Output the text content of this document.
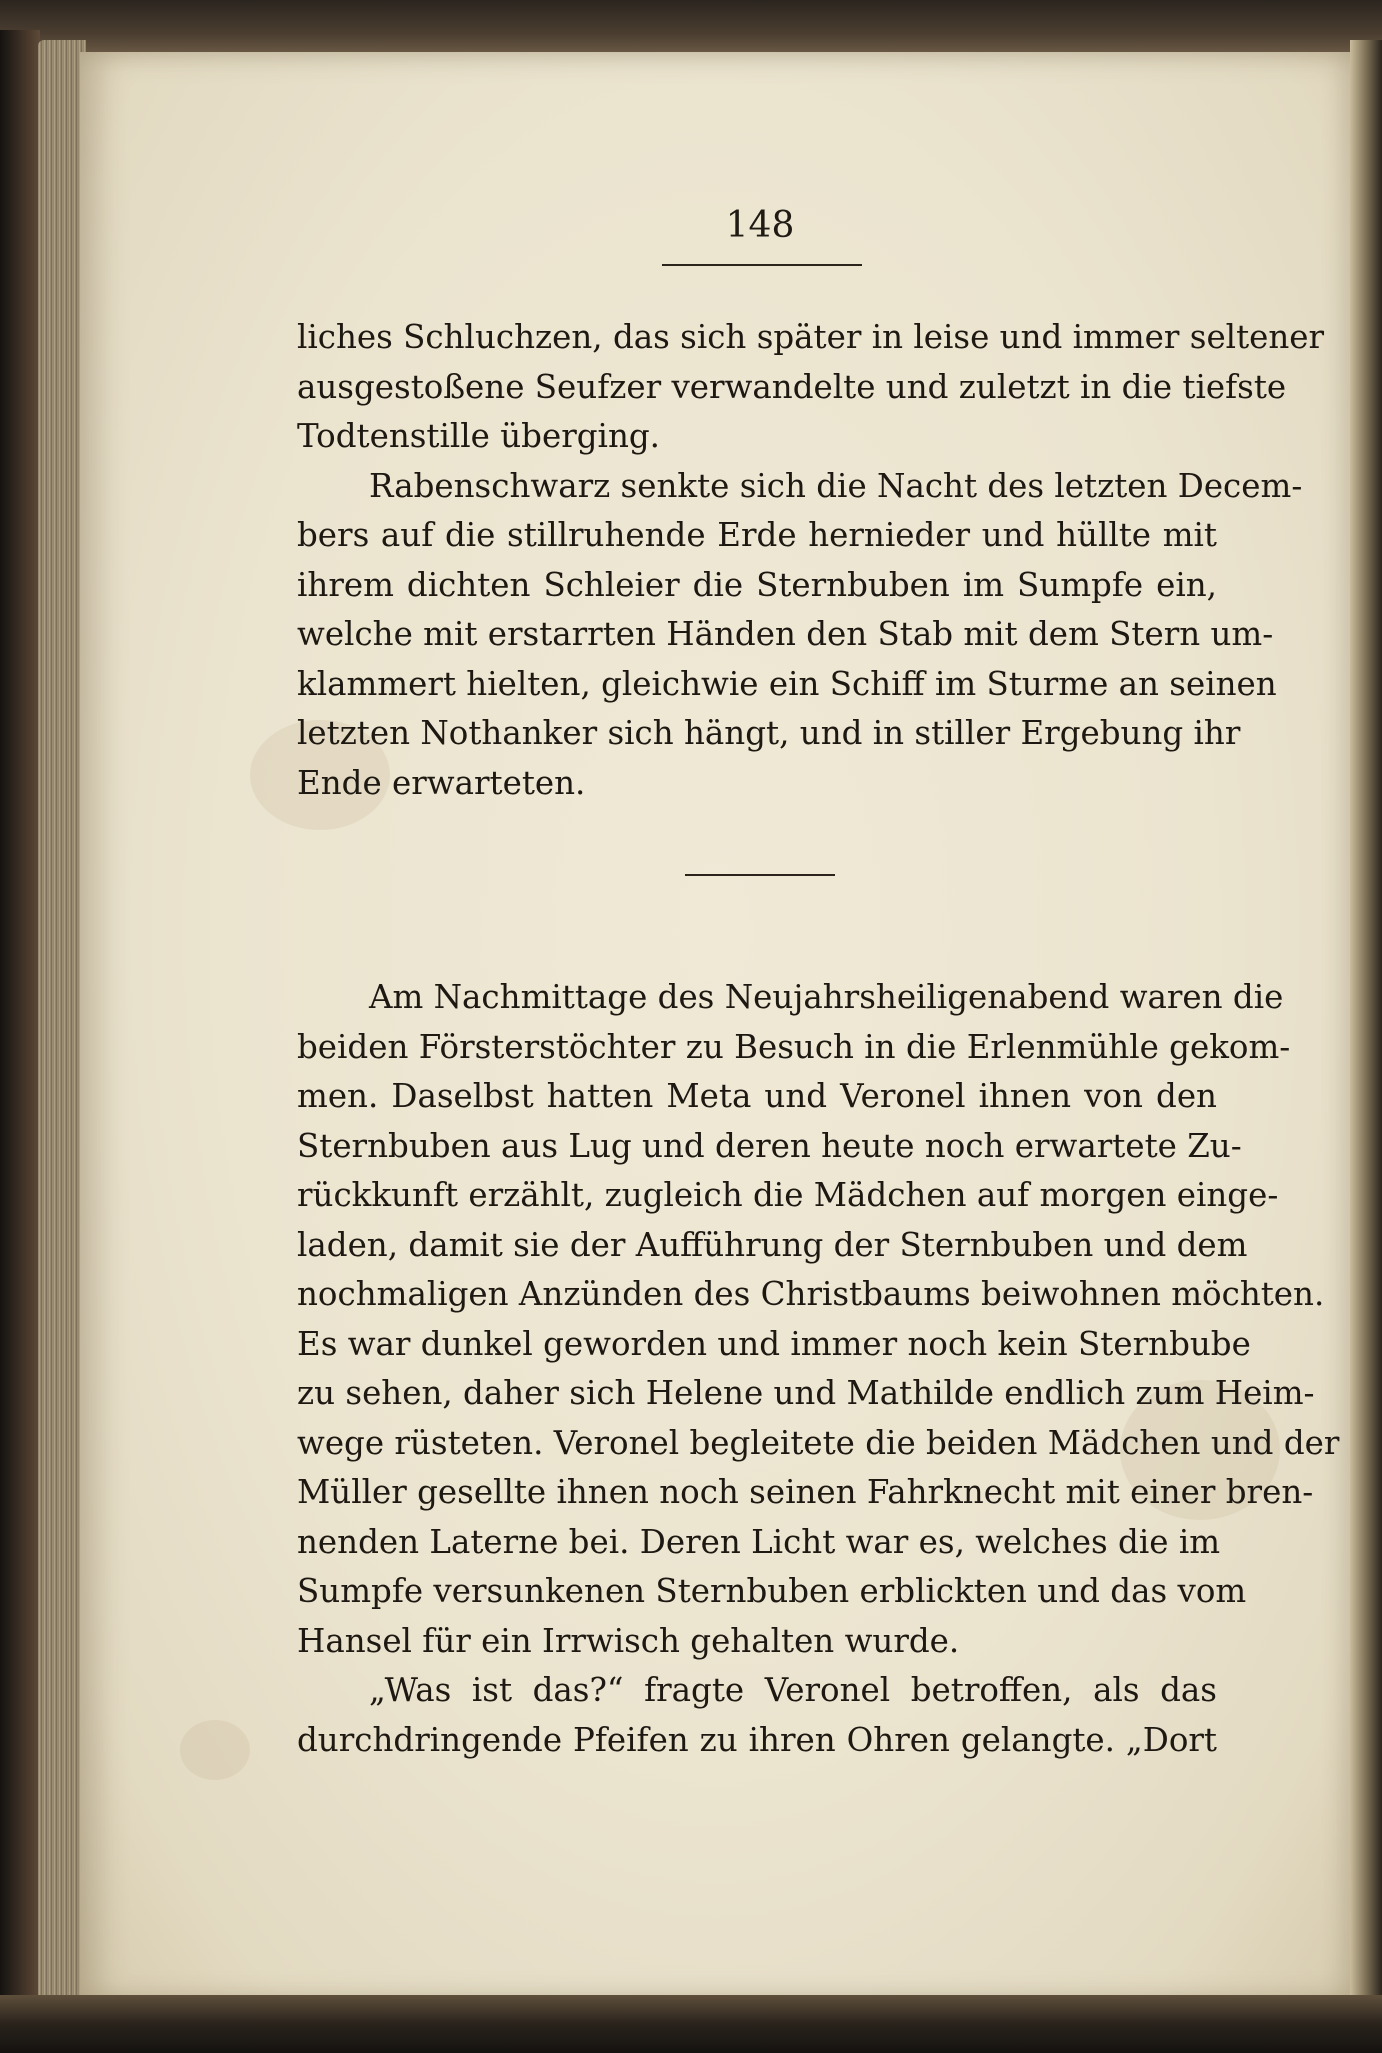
148
liches Schluchzen, das sich später in leise und immer seltener
ausgestoßene Seufzer verwandelte und zuletzt in die tiefste
Todtenstille überging.
Rabenschwarz senkte sich die Nacht des letzten Decem-
bers auf die stillruhende Erde hernieder und hüllte mit
ihrem dichten Schleier die Sternbuben im Sumpfe ein,
welche mit erstarrten Händen den Stab mit dem Stern um-
klammert hielten, gleichwie ein Schiff im Sturme an seinen
letzten Nothanker sich hängt, und in stiller Ergebung ihr
Ende erwarteten.
Am Nachmittage des Neujahrsheiligenabend waren die
beiden Försterstöchter zu Besuch in die Erlenmühle gekom-
men. Daselbst hatten Meta und Veronel ihnen von den
Sternbuben aus Lug und deren heute noch erwartete Zu-
rückkunft erzählt, zugleich die Mädchen auf morgen einge-
laden, damit sie der Aufführung der Sternbuben und dem
nochmaligen Anzünden des Christbaums beiwohnen möchten.
Es war dunkel geworden und immer noch kein Sternbube
zu sehen, daher sich Helene und Mathilde endlich zum Heim-
wege rüsteten. Veronel begleitete die beiden Mädchen und der
Müller gesellte ihnen noch seinen Fahrknecht mit einer bren-
nenden Laterne bei. Deren Licht war es, welches die im
Sumpfe versunkenen Sternbuben erblickten und das vom
Hansel für ein Irrwisch gehalten wurde.
„Was ist das?“ fragte Veronel betroffen, als das
durchdringende Pfeifen zu ihren Ohren gelangte. „Dort
